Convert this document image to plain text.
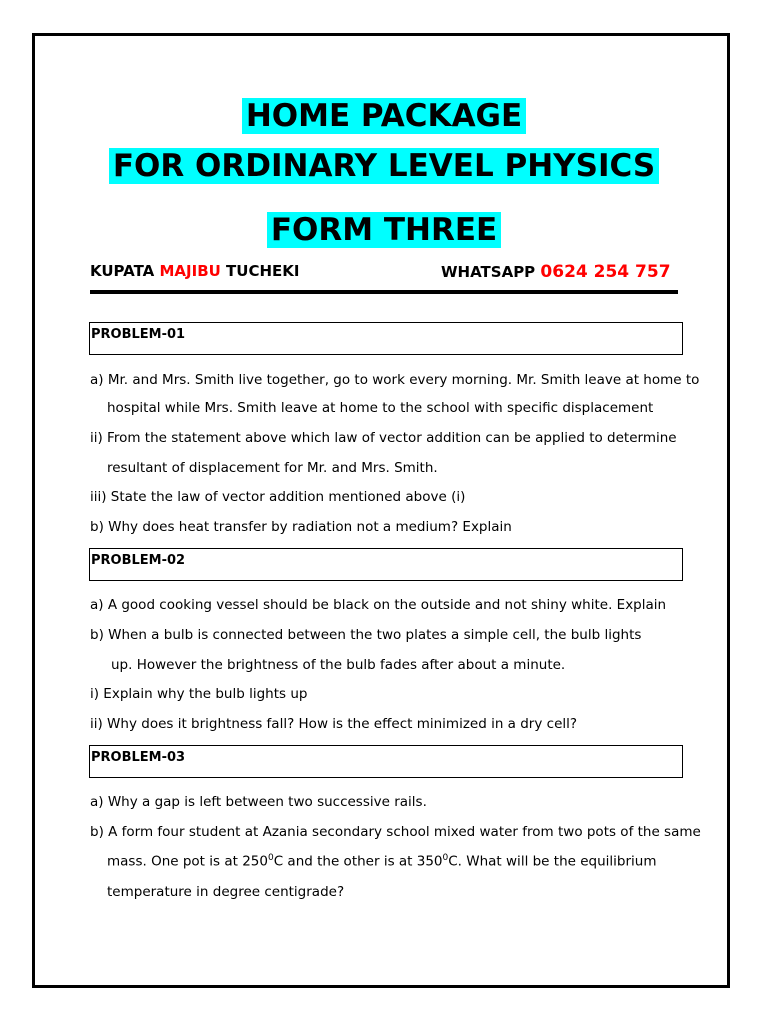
HOME PACKAGE
FOR ORDINARY LEVEL PHYSICS
FORM THREE
KUPATA MAJIBU TUCHEKI	WHATSAPP 0624 254 757
PROBLEM-01
a) Mr. and Mrs. Smith live together, go to work every morning. Mr. Smith leave at home to
hospital while Mrs. Smith leave at home to the school with specific displacement
ii) From the statement above which law of vector addition can be applied to determine
resultant of displacement for Mr. and Mrs. Smith.
iii) State the law of vector addition mentioned above (i)
b) Why does heat transfer by radiation not a medium? Explain
PROBLEM-02
a) A good cooking vessel should be black on the outside and not shiny white. Explain
b) When a bulb is connected between the two plates a simple cell, the bulb lights
up. However the brightness of the bulb fades after about a minute.
i) Explain why the bulb lights up
ii) Why does it brightness fall? How is the effect minimized in a dry cell?
PROBLEM-03
a) Why a gap is left between two successive rails.
b) A form four student at Azania secondary school mixed water from two pots of the same
mass. One pot is at $250^0C$ and the other is at $350^0C$. What will be the equilibrium
temperature in degree centigrade?
